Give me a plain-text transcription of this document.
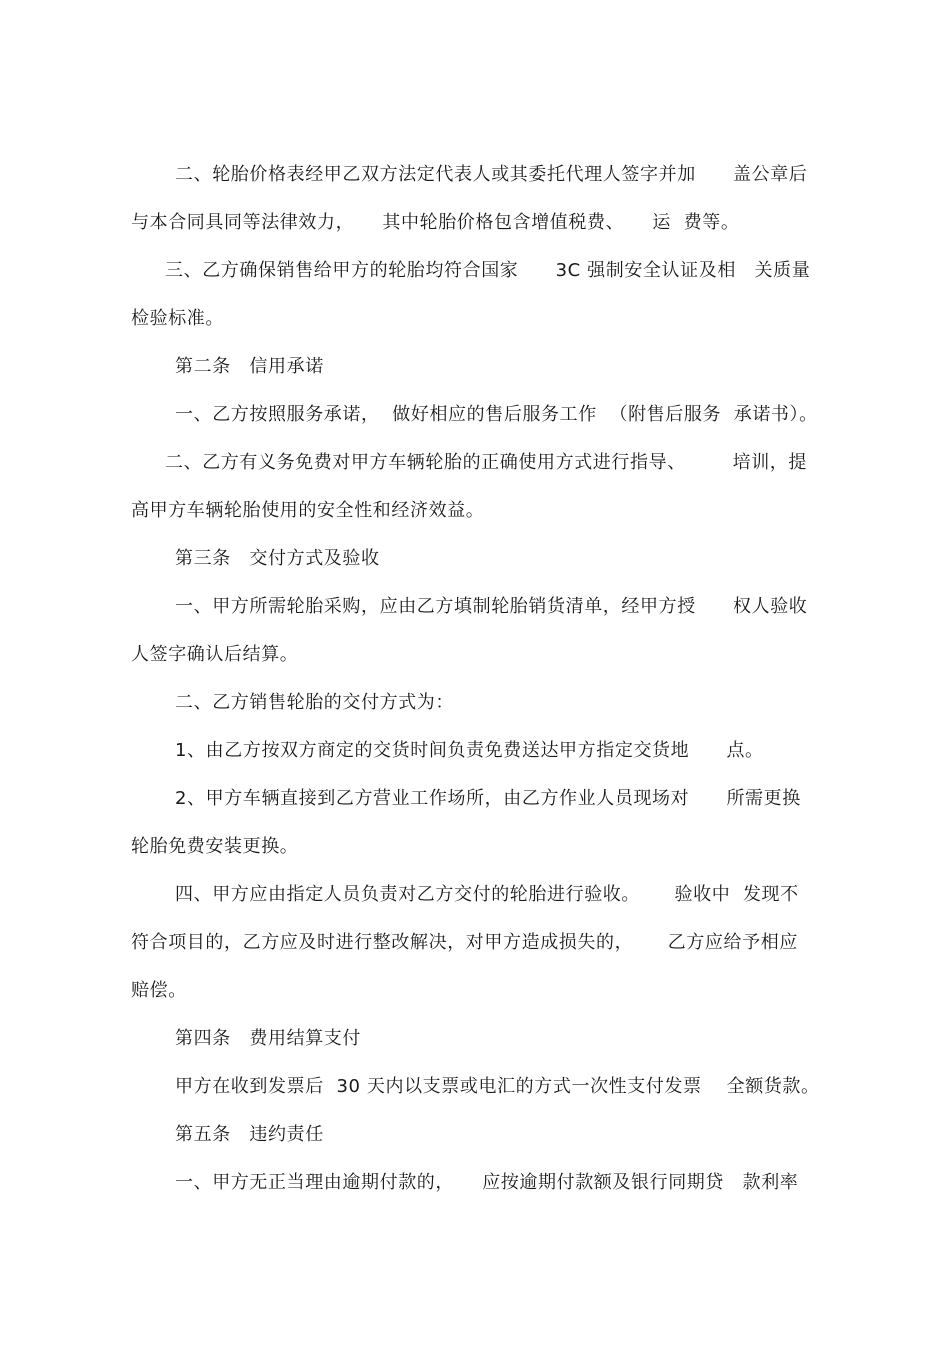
二、轮胎价格表经甲乙双方法定代表人或其委托代理人签字并加　　盖公章后
与本合同具同等法律效力，　　其中轮胎价格包含增值税费、　　运  费等。
三、乙方确保销售给甲方的轮胎均符合国家　　3C 强制安全认证及相　关质量
检验标准。
第二条　信用承诺
一、乙方按照服务承诺，  做好相应的售后服务工作  （附售后服务  承诺书）。
二、乙方有义务免费对甲方车辆轮胎的正确使用方式进行指导、　　　培训，提
高甲方车辆轮胎使用的安全性和经济效益。
第三条　交付方式及验收
一、甲方所需轮胎采购，应由乙方填制轮胎销货清单，经甲方授　　权人验收
人签字确认后结算。
二、乙方销售轮胎的交付方式为：
1、由乙方按双方商定的交货时间负责免费送达甲方指定交货地　　点。
2、甲方车辆直接到乙方营业工作场所，由乙方作业人员现场对　　所需更换
轮胎免费安装更换。
四、甲方应由指定人员负责对乙方交付的轮胎进行验收。　　 验收中  发现不
符合项目的，乙方应及时进行整改解决，对甲方造成损失的，　　 乙方应给予相应
赔偿。
第四条　费用结算支付
甲方在收到发票后  30 天内以支票或电汇的方式一次性支付发票　 全额货款。
第五条　违约责任
一、甲方无正当理由逾期付款的，　　应按逾期付款额及银行同期贷　款利率
